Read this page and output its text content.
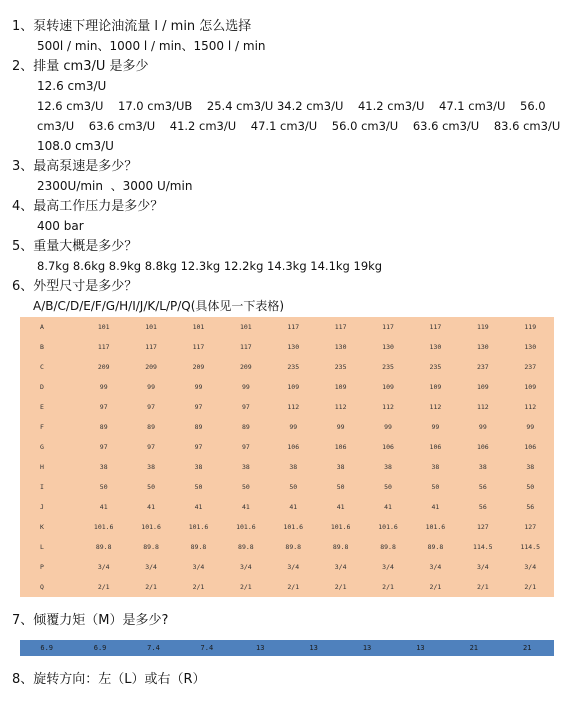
1、泵转速下理论油流量 l / min 怎么选择
500l / min、1000 l / min、1500 l / min
2、排量 cm3/U 是多少
12.6 cm3/U
12.6 cm3/U    17.0 cm3/UB    25.4 cm3/U 34.2 cm3/U    41.2 cm3/U    47.1 cm3/U    56.0
cm3/U    63.6 cm3/U    41.2 cm3/U    47.1 cm3/U    56.0 cm3/U    63.6 cm3/U    83.6 cm3/U
108.0 cm3/U
3、最高泵速是多少？
2300U/min  、3000 U/min
4、最高工作压力是多少？
400 bar
5、重量大概是多少？
8.7kg 8.6kg 8.9kg 8.8kg 12.3kg 12.2kg 14.3kg 14.1kg 19kg
6、外型尺寸是多少？
A/B/C/D/E/F/G/H/I/J/K/L/P/Q(具体见一下表格)
A	101	101	101	101	117	117	117	117	119	119
B	117	117	117	117	130	130	130	130	130	130
C	209	209	209	209	235	235	235	235	237	237
D	99	99	99	99	109	109	109	109	109	109
E	97	97	97	97	112	112	112	112	112	112
F	89	89	89	89	99	99	99	99	99	99
G	97	97	97	97	106	106	106	106	106	106
H	38	38	38	38	38	38	38	38	38	38
I	50	50	50	50	50	50	50	50	56	50
J	41	41	41	41	41	41	41	41	56	56
K	101.6	101.6	101.6	101.6	101.6	101.6	101.6	101.6	127	127
L	89.8	89.8	89.8	89.8	89.8	89.8	89.8	89.8	114.5	114.5
P	3/4	3/4	3/4	3/4	3/4	3/4	3/4	3/4	3/4	3/4
Q	2/1	2/1	2/1	2/1	2/1	2/1	2/1	2/1	2/1	2/1
7、倾覆力矩（M）是多少?
6.9	6.9	7.4	7.4	13	13	13	13	21	21
8、旋转方向：左（L）或右（R）
